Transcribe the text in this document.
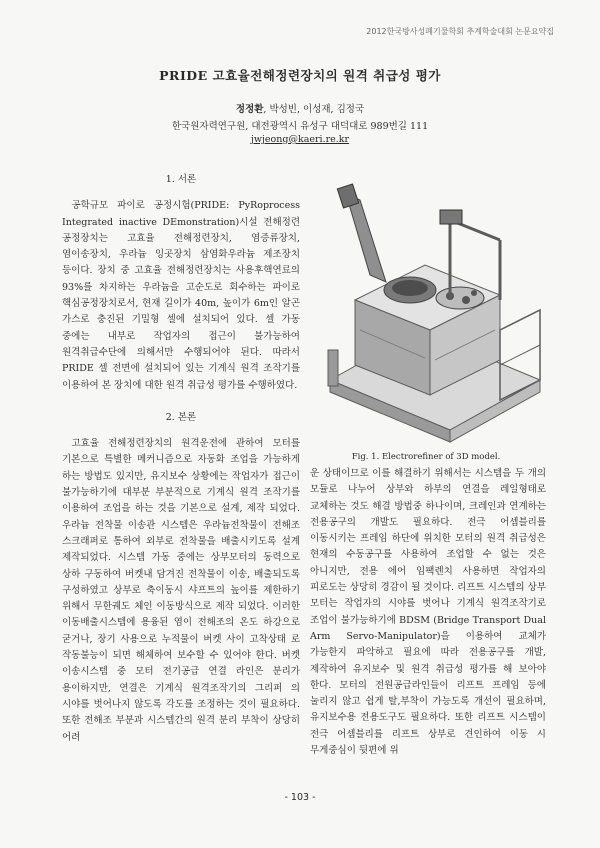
2012한국방사성폐기물학회 추계학술대회 논문요약집
PRIDE 고효율전해정련장치의 원격 취급성 평가
정정환, 박성빈, 이성재, 김정국
한국원자력연구원, 대전광역시 유성구 대덕대로 989번길 111
jwjeong@kaeri.re.kr
1. 서론

공학규모 파이로 공정시험(PRIDE: PyRoprocess Integrated inactive DEmonstration)시설 전해정련 공정장치는 고효율 전해정련장치, 염증류장치, 염이송장치, 우라늄 잉곳장치 삼염화우라늄 제조장치 등이다. 장치 중 고효율 전해정련장치는 사용후핵연료의 93%를 차지하는 우라늄을 고순도로 회수하는 파이로 핵심공정장치로서, 현재 길이가 40m, 높이가 6m인 알곤 가스로 충진된 기밀형 셀에 설치되어 있다. 셀 가동 중에는 내부로 작업자의 접근이 불가능하여 원격취급수단에 의해서만 수행되어야 된다. 따라서 PRIDE 셀 전면에 설치되어 있는 기계식 원격 조작기를 이용하여 본 장치에 대한 원격 취급성 평가를 수행하였다.

2. 본론

고효율 전해정련장치의 원격운전에 관하여 모터를 기본으로 특별한 메커니즘으로 자동화 조업을 가능하게 하는 방법도 있지만, 유지보수 상황에는 작업자가 접근이 불가능하기에 대부분 부분적으로 기계식 원격 조작기를 이용하여 조업을 하는 것을 기본으로 설계, 제작 되었다. 우라늄 전착물 이송관 시스템은 우라늄전착물이 전해조 스크래퍼로 통하여 외부로 전착물을 배출시키도록 설계 제작되었다. 시스템 가동 중에는 상부모터의 동력으로 상하 구동하여 버켓내 담겨진 전착물이 이송, 배출되도록 구성하였고 상부로 축이동시 샤프트의 높이를 제한하기 위해서 무한궤도 체인 이동방식으로 제작 되었다. 이러한 이동배출시스템에 용융된 염이 전해조의 온도 하강으로 굳거나, 장기 사용으로 누적물이 버켓 사이 고착상태 로 작동불능이 되면 해체하여 보수할 수 있어야 한다. 버켓 이송시스템 중 모터 전기공급 연결 라인은 분리가 용이하지만, 연결은 기계식 원격조작기의 그리퍼 의 시야를 벗어나지 않도록 각도를 조정하는 것이 필요하다. 또한 전해조 부분과 시스템간의 원격 분리 부착이 상당히 어려

Fig. 1. Electrorefiner of 3D model.

운 상태이므로 이를 해결하기 위해서는 시스템을 두 개의 모듈로 나누어 상부와 하부의 연결을 레일형태로 교체하는 것도 해결 방법중 하나이며, 크레인과 연계하는 전용공구의 개발도 필요하다. 전극 어셈블리를 이동시키는 프레임 하단에 위치한 모터의 원격 취급성은 현재의 수동공구를 사용하여 조업할 수 없는 것은 아니지만, 전용 에어 임팩렌치 사용하면 작업자의 피로도는 상당히 경감이 될 것이다. 리프트 시스템의 상부 모터는 작업자의 시야를 벗어나 기계식 원격조작기로 조업이 불가능하기에 BDSM (Bridge Transport Dual Arm Servo-Manipulator)을 이용하여 교체가 가능한지 파악하고 필요에 따라 전용공구를 개발, 제작하여 유지보수 및 원격 취급성 평가를 해 보아야 한다. 모터의 전원공급라인들이 리프트 프레임 등에 눌리지 않고 쉽게 탈,부착이 가능도록 개선이 필요하며, 유지보수용 전용도구도 필요하다. 또한 리프트 시스템이 전극 어셈블리를 리프트 상부로 견인하여 이동 시 무게중심이 뒷편에 위

- 103 -
